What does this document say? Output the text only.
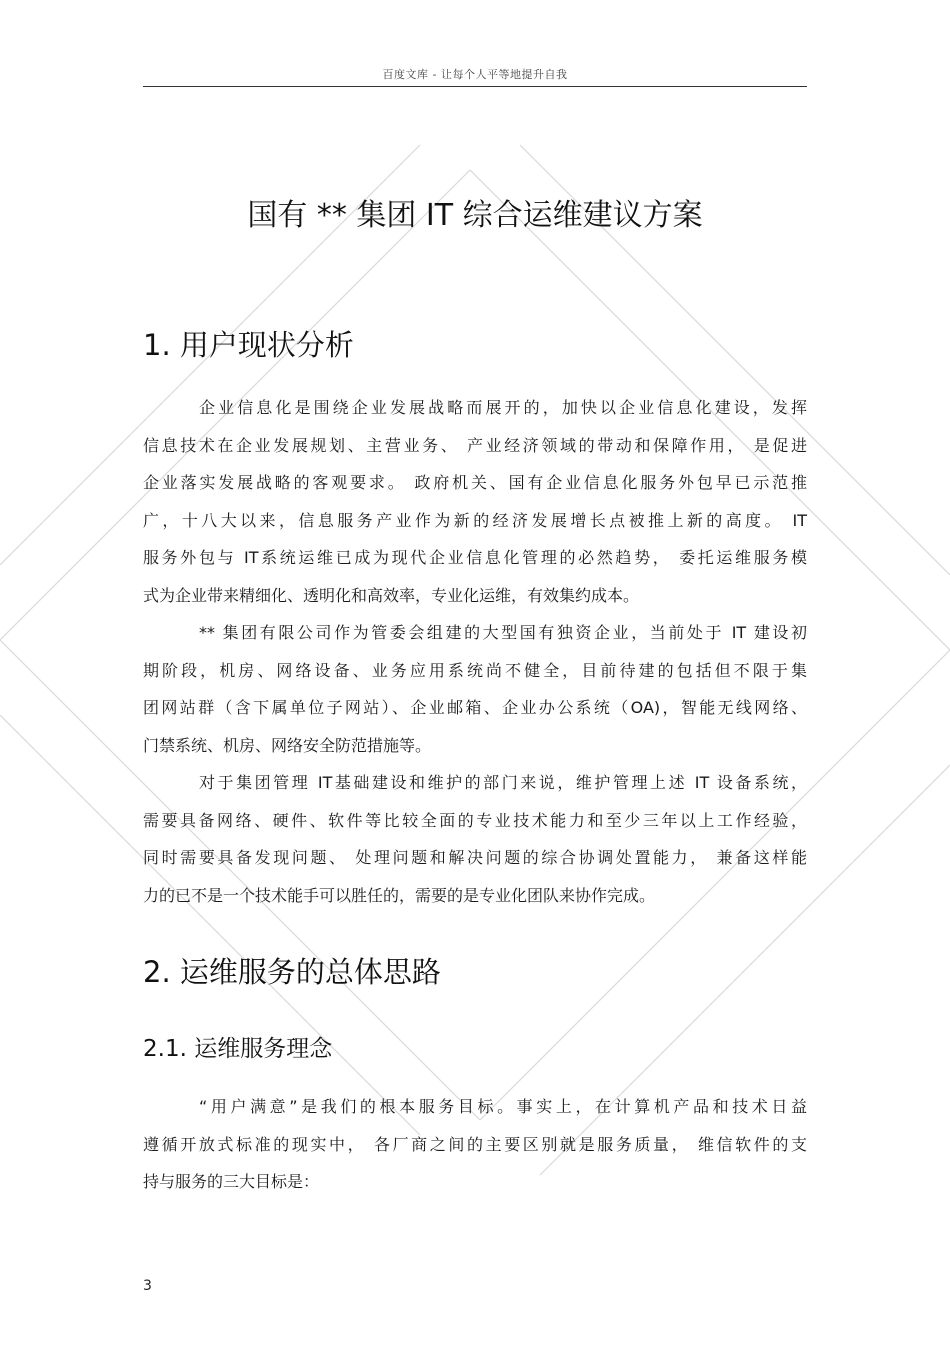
百度文库 - 让每个人平等地提升自我
国有 ** 集团 IT 综合运维建议方案
1. 用户现状分析
企业信息化是围绕企业发展战略而展开的，加快以企业信息化建设，发挥
信息技术在企业发展规划、主营业务、 产业经济领域的带动和保障作用， 是促进
企业落实发展战略的客观要求。 政府机关、国有企业信息化服务外包早已示范推
广，十八大以来，信息服务产业作为新的经济发展增长点被推上新的高度。 IT
服务外包与 IT系统运维已成为现代企业信息化管理的必然趋势， 委托运维服务模
式为企业带来精细化、透明化和高效率，专业化运维，有效集约成本。
** 集团有限公司作为管委会组建的大型国有独资企业，当前处于 IT 建设初
期阶段，机房、网络设备、业务应用系统尚不健全，目前待建的包括但不限于集
团网站群（含下属单位子网站）、企业邮箱、企业办公系统（OA)，智能无线网络、
门禁系统、机房、网络安全防范措施等。
对于集团管理 IT基础建设和维护的部门来说，维护管理上述 IT 设备系统，
需要具备网络、硬件、软件等比较全面的专业技术能力和至少三年以上工作经验，
同时需要具备发现问题、 处理问题和解决问题的综合协调处置能力， 兼备这样能
力的已不是一个技术能手可以胜任的，需要的是专业化团队来协作完成。
2. 运维服务的总体思路
2.1. 运维服务理念
“用户满意”是我们的根本服务目标。事实上，在计算机产品和技术日益
遵循开放式标准的现实中， 各厂商之间的主要区别就是服务质量， 维信软件的支
持与服务的三大目标是：
3
